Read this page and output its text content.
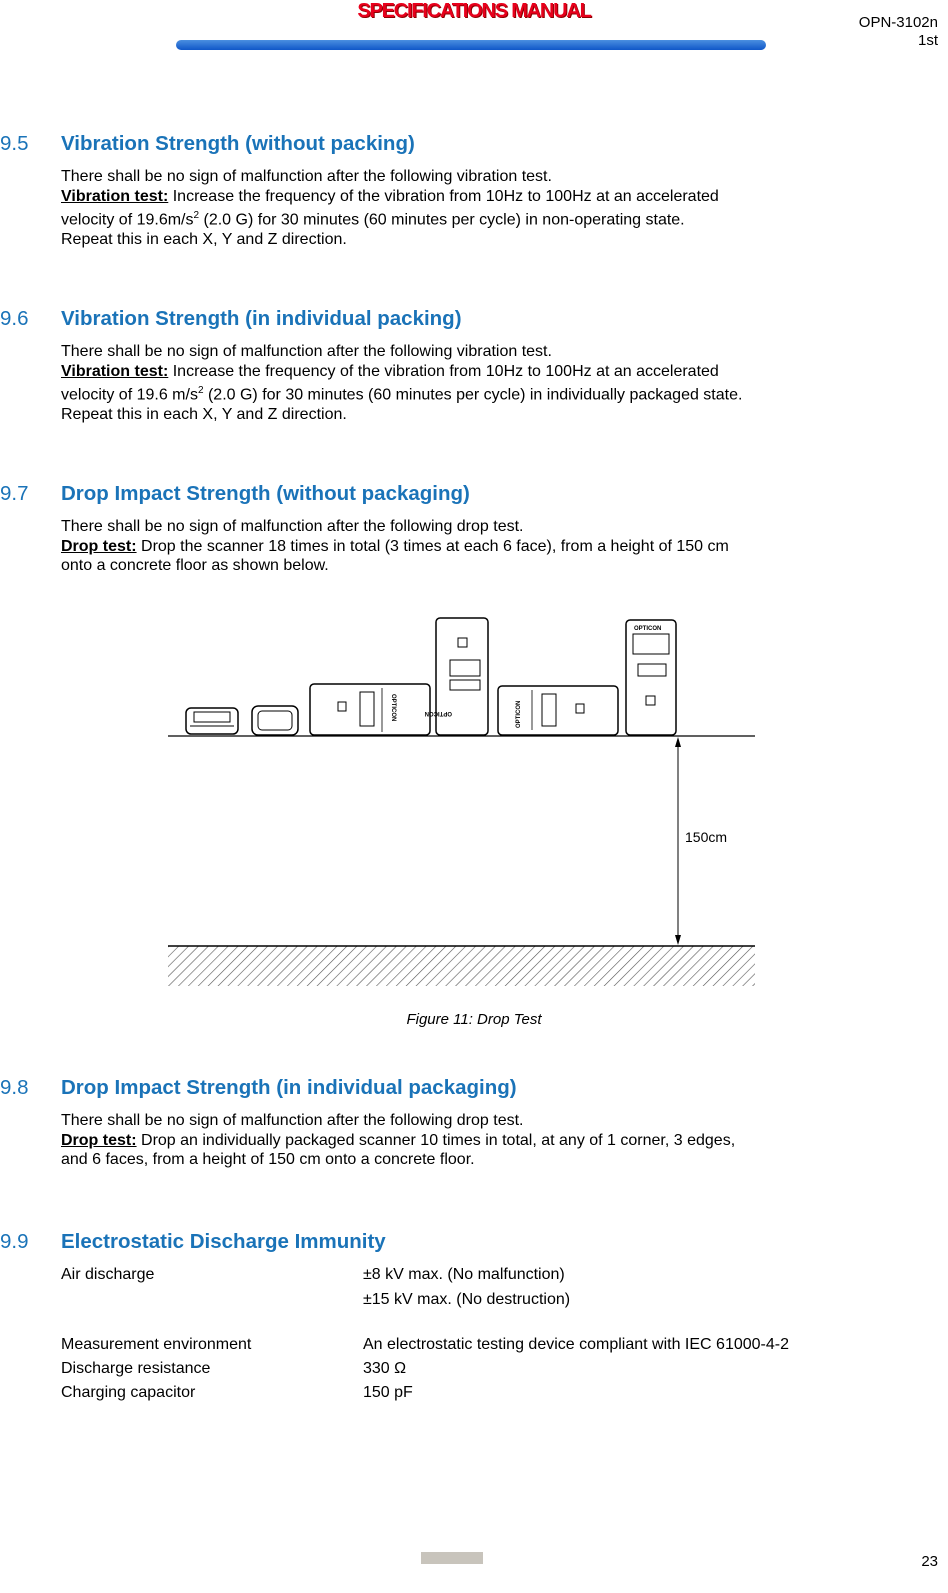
SPECIFICATIONS MANUAL
OPN-3102n
1st
9.5 Vibration Strength (without packing)
There shall be no sign of malfunction after the following vibration test.
Vibration test: Increase the frequency of the vibration from 10Hz to 100Hz at an accelerated
velocity of $19.6m/s^2$ (2.0 G) for 30 minutes (60 minutes per cycle) in non-operating state.
Repeat this in each X, Y and Z direction.
9.6 Vibration Strength (in individual packing)
There shall be no sign of malfunction after the following vibration test.
Vibration test: Increase the frequency of the vibration from 10Hz to 100Hz at an accelerated
velocity of 19.6 $m/s^2$ (2.0 G) for 30 minutes (60 minutes per cycle) in individually packaged state.
Repeat this in each X, Y and Z direction.
9.7 Drop Impact Strength (without packaging)
There shall be no sign of malfunction after the following drop test.
Drop test: Drop the scanner 18 times in total (3 times at each 6 face), from a height of 150 cm
onto a concrete floor as shown below.
OPTICON	OPTICON	OPTICON
OPTICON
150cm
Figure 11: Drop Test
9.8 Drop Impact Strength (in individual packaging)
There shall be no sign of malfunction after the following drop test.
Drop test: Drop an individually packaged scanner 10 times in total, at any of 1 corner, 3 edges,
and 6 faces, from a height of 150 cm onto a concrete floor.
9.9 Electrostatic Discharge Immunity
Air discharge	±8 kV max. (No malfunction)
±15 kV max. (No destruction)
Measurement environment	An electrostatic testing device compliant with IEC 61000-4-2
Discharge resistance	330 Ω
Charging capacitor	150 pF
23
